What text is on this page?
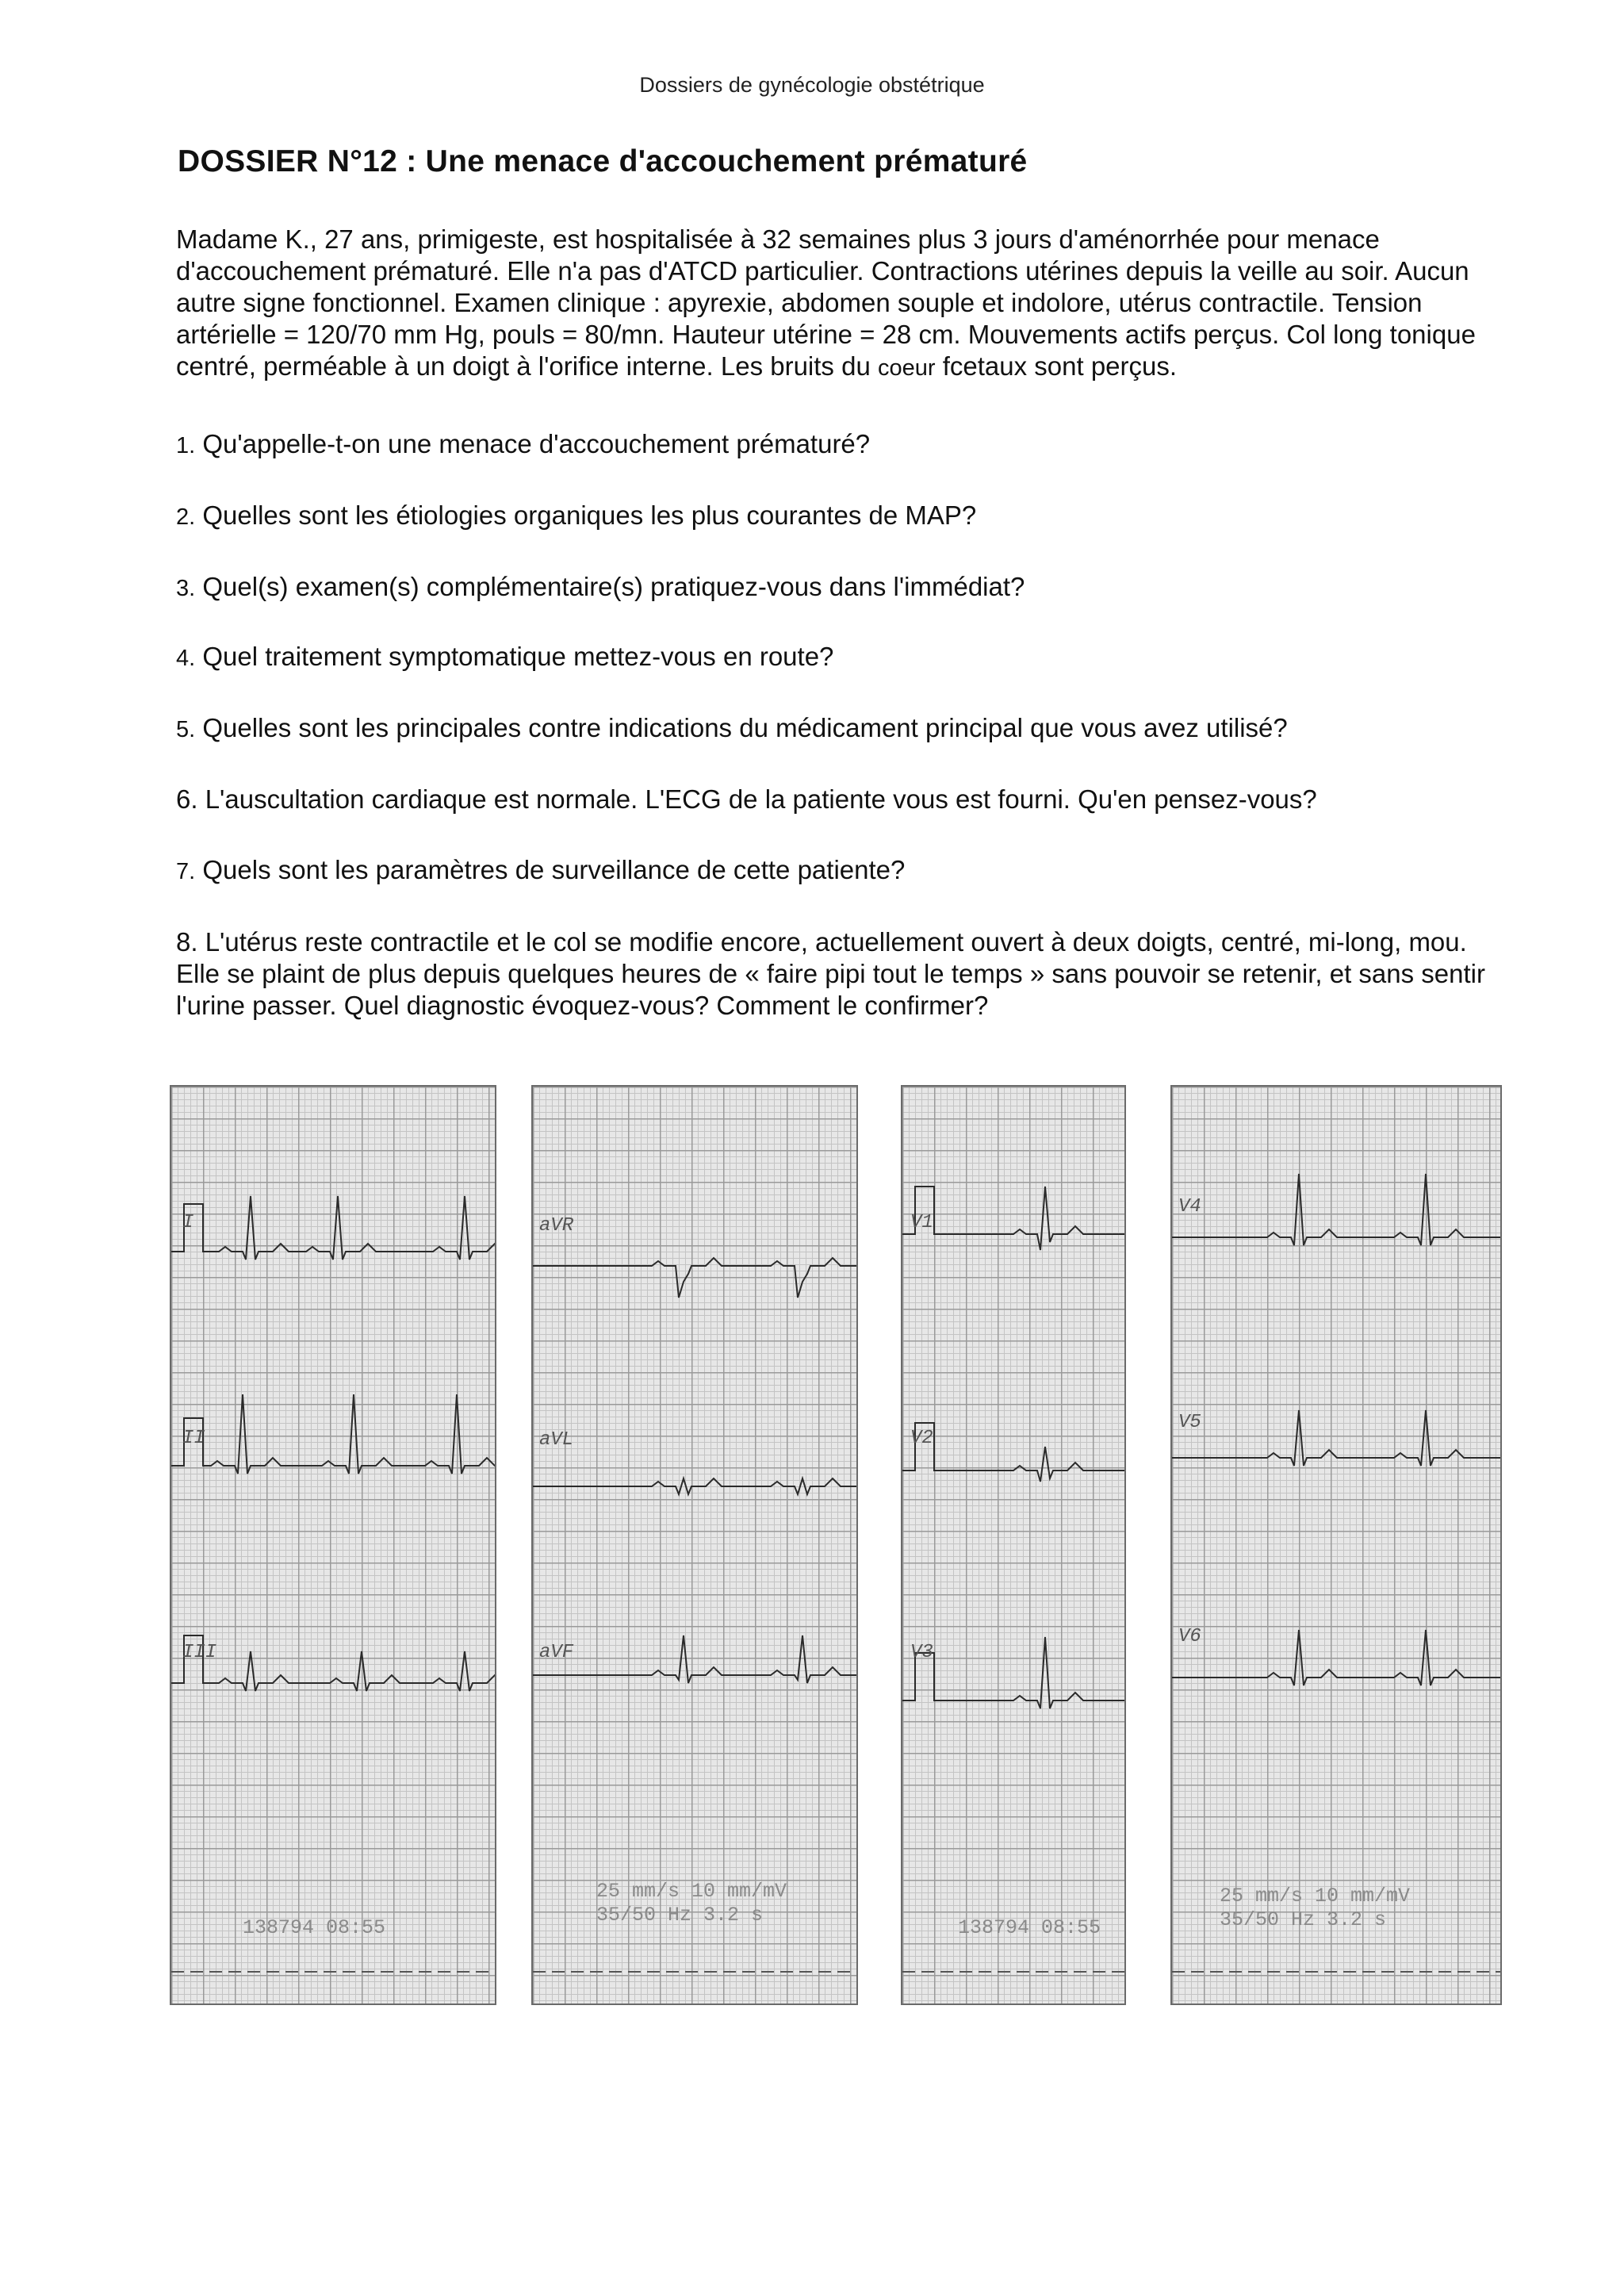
Dossiers de gynécologie obstétrique
DOSSIER N°12 : Une menace d'accouchement prématuré

Madame K., 27 ans, primigeste, est hospitalisée à 32 semaines plus 3 jours d'aménorrhée pour menace d'accouchement prématuré. Elle n'a pas d'ATCD particulier. Contractions utérines depuis la veille au soir. Aucun autre signe fonctionnel. Examen clinique : apyrexie, abdomen souple et indolore, utérus contractile. Tension artérielle = 120/70 mm Hg, pouls = 80/mn. Hauteur utérine = 28 cm. Mouvements actifs perçus. Col long tonique centré, perméable à un doigt à l'orifice interne. Les bruits du coeur fcetaux sont perçus.

1. Qu'appelle-t-on une menace d'accouchement prématuré?

2. Quelles sont les étiologies organiques les plus courantes de MAP?

3. Quel(s) examen(s) complémentaire(s) pratiquez-vous dans l'immédiat?

4. Quel traitement symptomatique mettez-vous en route?

5. Quelles sont les principales contre indications du médicament principal que vous avez utilisé?

6. L'auscultation cardiaque est normale. L'ECG de la patiente vous est fourni. Qu'en pensez-vous?

7. Quels sont les paramètres de surveillance de cette patiente?

8. L'utérus reste contractile et le col se modifie encore, actuellement ouvert à deux doigts, centré, mi-long, mou. Elle se plaint de plus depuis quelques heures de « faire pipi tout le temps » sans pouvoir se retenir, et sans sentir l'urine passer. Quel diagnostic évoquez-vous? Comment le confirmer?

I
II
III
138794 08:55
aVR
aVL
aVF
25 mm/s 10 mm/mV
35/50 Hz 3.2 s
V1
V2
V3
138794 08:55
V4
V5
V6
25 mm/s 10 mm/mV
35/50 Hz 3.2 s
